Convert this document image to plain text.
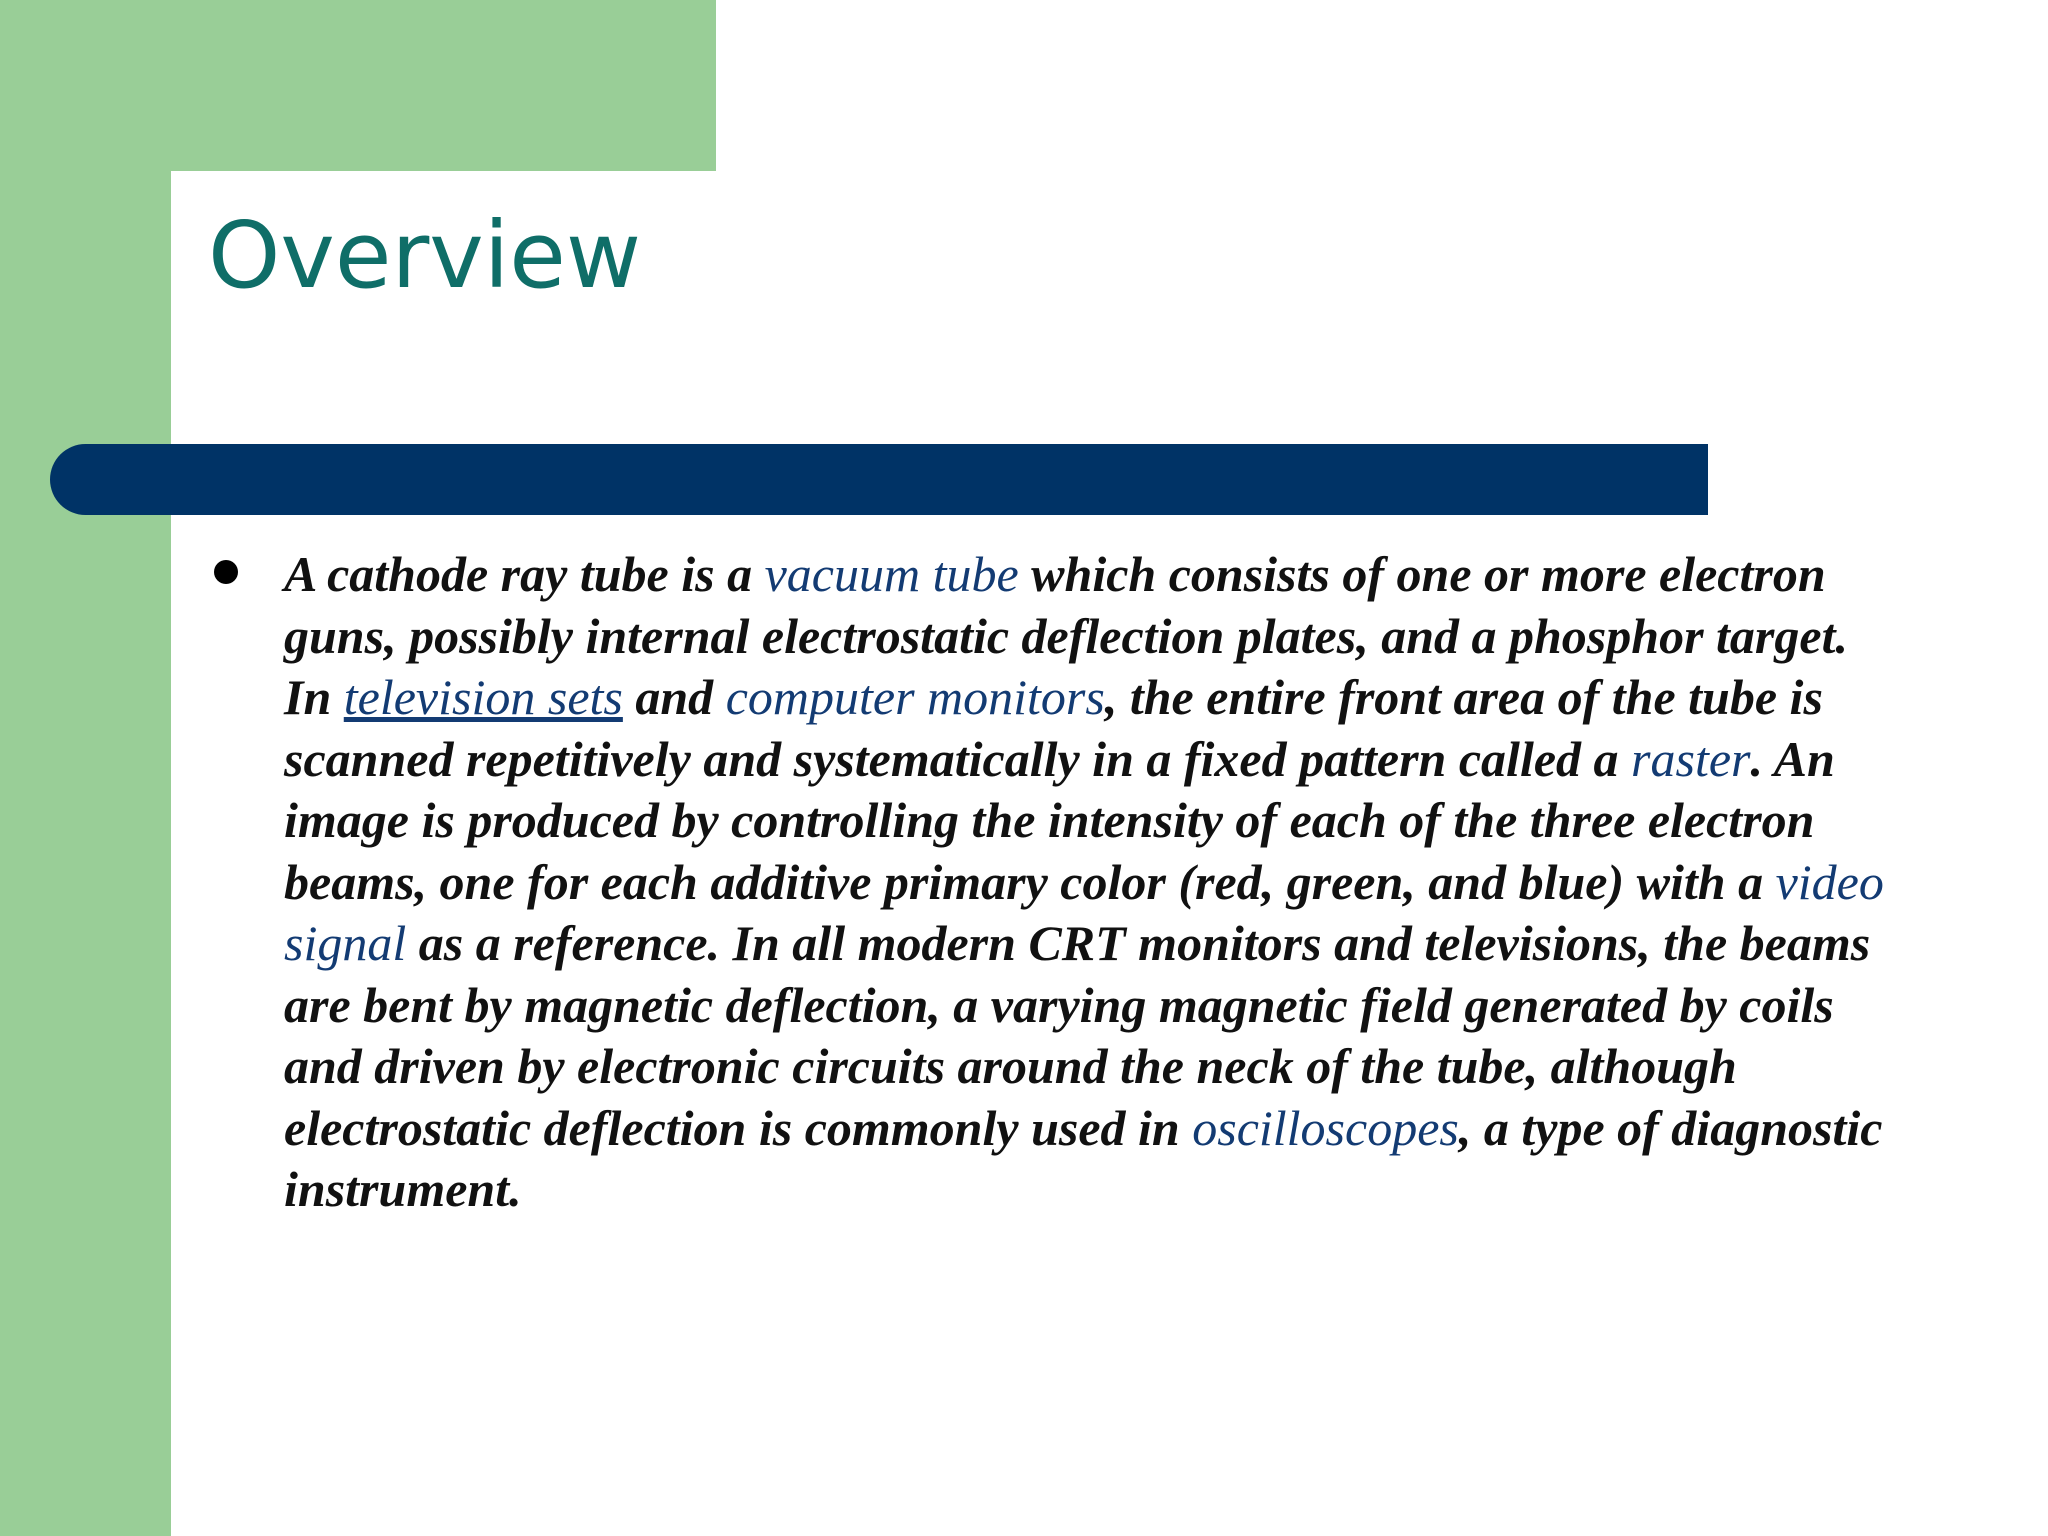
Overview

A cathode ray tube is a vacuum tube which consists of one or more electron guns, possibly internal electrostatic deflection plates, and a phosphor target. In television sets and computer monitors, the entire front area of the tube is scanned repetitively and systematically in a fixed pattern called a raster. An image is produced by controlling the intensity of each of the three electron beams, one for each additive primary color (red, green, and blue) with a video signal as a reference. In all modern CRT monitors and televisions, the beams are bent by magnetic deflection, a varying magnetic field generated by coils and driven by electronic circuits around the neck of the tube, although electrostatic deflection is commonly used in oscilloscopes, a type of diagnostic instrument.
